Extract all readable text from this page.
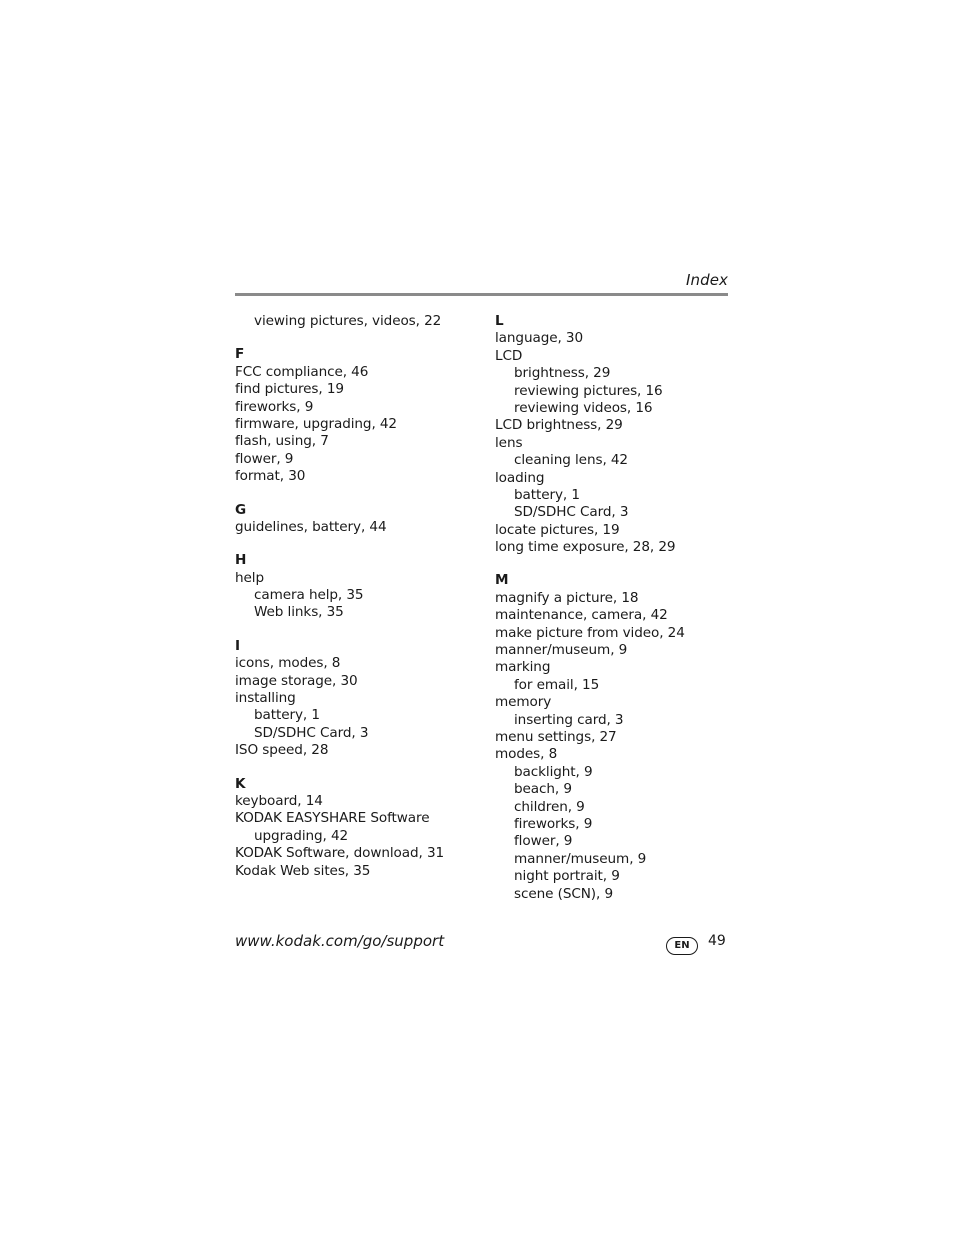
Index
viewing pictures, videos, 22
F
FCC compliance, 46
find pictures, 19
fireworks, 9
firmware, upgrading, 42
flash, using, 7
flower, 9
format, 30
G
guidelines, battery, 44
H
help
camera help, 35
Web links, 35
I
icons, modes, 8
image storage, 30
installing
battery, 1
SD/SDHC Card, 3
ISO speed, 28
K
keyboard, 14
KODAK EASYSHARE Software
upgrading, 42
KODAK Software, download, 31
Kodak Web sites, 35
L
language, 30
LCD
brightness, 29
reviewing pictures, 16
reviewing videos, 16
LCD brightness, 29
lens
cleaning lens, 42
loading
battery, 1
SD/SDHC Card, 3
locate pictures, 19
long time exposure, 28, 29
M
magnify a picture, 18
maintenance, camera, 42
make picture from video, 24
manner/museum, 9
marking
for email, 15
memory
inserting card, 3
menu settings, 27
modes, 8
backlight, 9
beach, 9
children, 9
fireworks, 9
flower, 9
manner/museum, 9
night portrait, 9
scene (SCN), 9
www.kodak.com/go/support	EN	49
